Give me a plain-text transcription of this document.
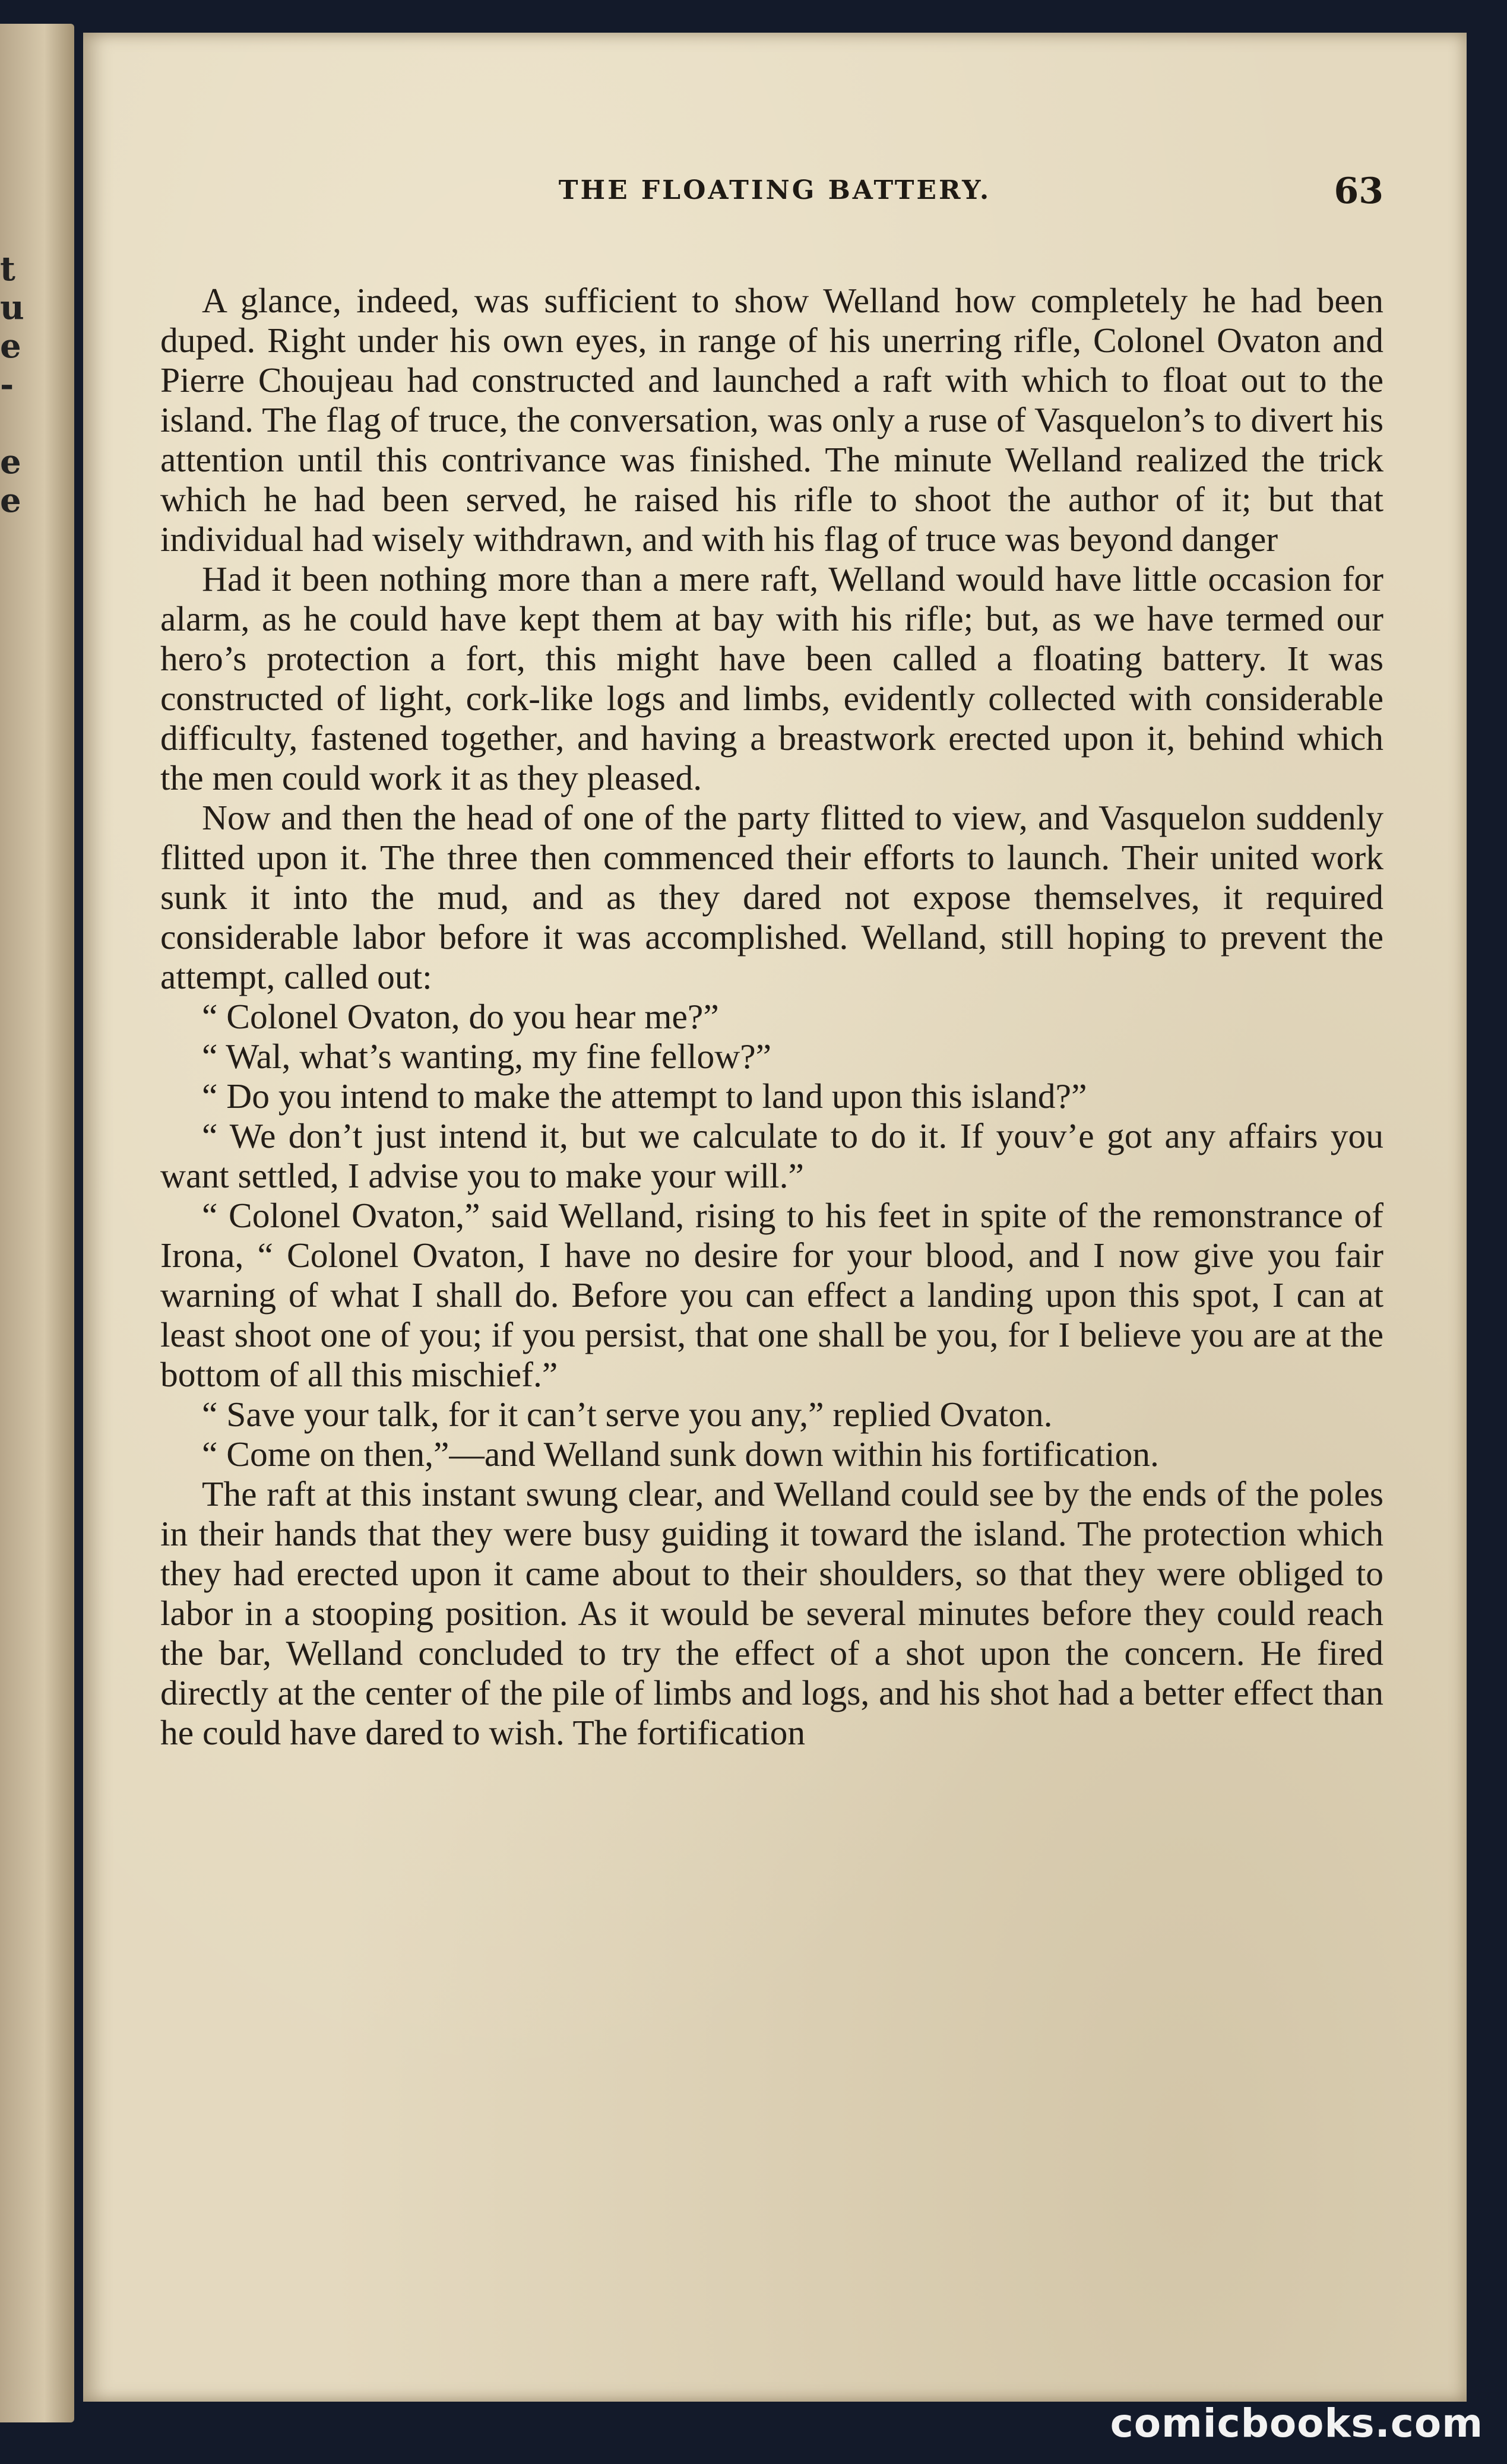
t
u
e
-
e
e
THE FLOATING BATTERY.	63

A glance, indeed, was sufficient to show Welland how completely he had been duped. Right under his own eyes, in range of his unerring rifle, Colonel Ovaton and Pierre Choujeau had constructed and launched a raft with which to float out to the island. The flag of truce, the conversation, was only a ruse of Vasquelon’s to divert his attention until this contrivance was finished. The minute Welland realized the trick which he had been served, he raised his rifle to shoot the author of it; but that individual had wisely withdrawn, and with his flag of truce was beyond danger

Had it been nothing more than a mere raft, Welland would have little occasion for alarm, as he could have kept them at bay with his rifle; but, as we have termed our hero’s protection a fort, this might have been called a floating battery. It was constructed of light, cork-like logs and limbs, evidently collected with considerable difficulty, fastened together, and having a breastwork erected upon it, behind which the men could work it as they pleased.

Now and then the head of one of the party flitted to view, and Vasquelon suddenly flitted upon it. The three then commenced their efforts to launch. Their united work sunk it into the mud, and as they dared not expose themselves, it required considerable labor before it was accomplished. Welland, still hoping to prevent the attempt, called out:

“ Colonel Ovaton, do you hear me?”

“ Wal, what’s wanting, my fine fellow?”

“ Do you intend to make the attempt to land upon this island?”

“ We don’t just intend it, but we calculate to do it. If youv’e got any affairs you want settled, I advise you to make your will.”

“ Colonel Ovaton,” said Welland, rising to his feet in spite of the remonstrance of Irona, “ Colonel Ovaton, I have no desire for your blood, and I now give you fair warning of what I shall do. Before you can effect a landing upon this spot, I can at least shoot one of you; if you persist, that one shall be you, for I believe you are at the bottom of all this mischief.”

“ Save your talk, for it can’t serve you any,” replied Ovaton.

“ Come on then,”—and Welland sunk down within his fortification.

The raft at this instant swung clear, and Welland could see by the ends of the poles in their hands that they were busy guiding it toward the island. The protection which they had erected upon it came about to their shoulders, so that they were obliged to labor in a stooping position. As it would be several minutes before they could reach the bar, Welland concluded to try the effect of a shot upon the concern. He fired directly at the center of the pile of limbs and logs, and his shot had a better effect than he could have dared to wish. The fortification

comicbooks.com
